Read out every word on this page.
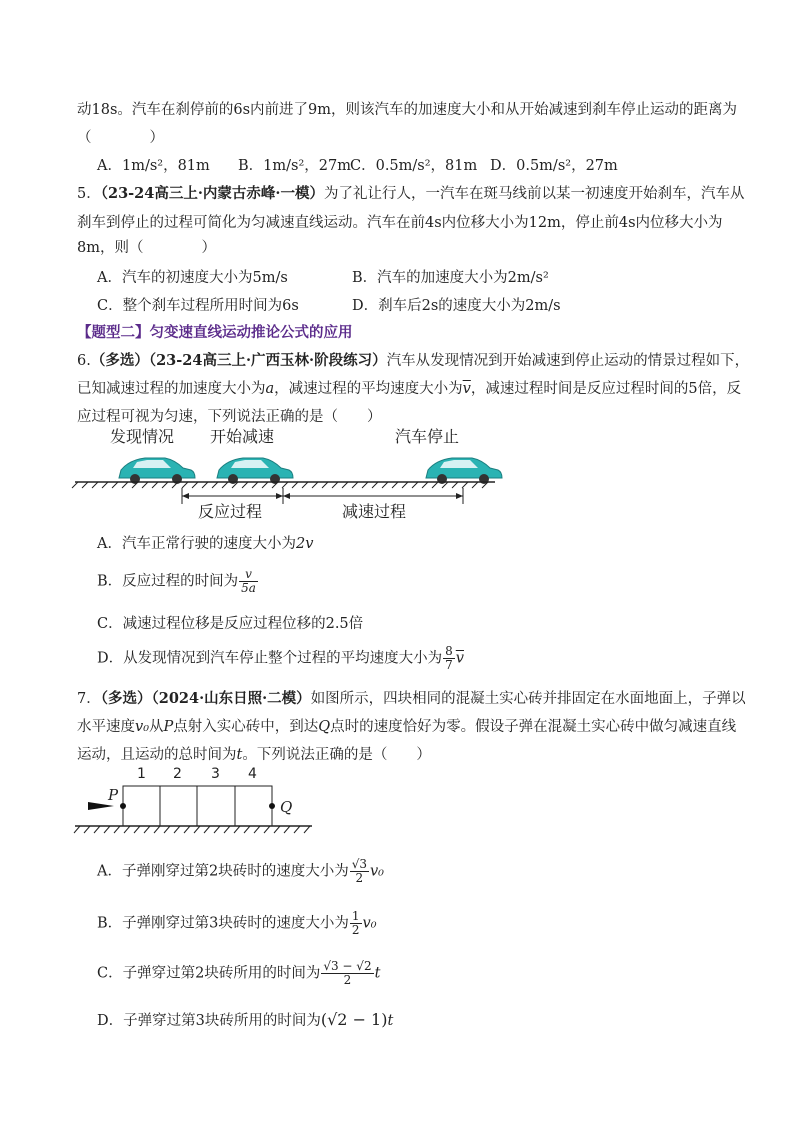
动18s。汽车在刹停前的6s内前进了9m，则该汽车的加速度大小和从开始减速到刹车停止运动的距离为
（　　　　）
A．1m/s²，81m B．1m/s²，27m C．0.5m/s²，81m D．0.5m/s²，27m
5．（23-24高三上·内蒙古赤峰·一模）为了礼让行人，一汽车在斑马线前以某一初速度开始刹车，汽车从
刹车到停止的过程可简化为匀减速直线运动。汽车在前4s内位移大小为12m，停止前4s内位移大小为
8m，则（　　　　）
A．汽车的初速度大小为5m/s	B．汽车的加速度大小为2m/s²
C．整个刹车过程所用时间为6s	D．刹车后2s的速度大小为2m/s
【题型二】匀变速直线运动推论公式的应用
6.（多选）（23-24高三上·广西玉林·阶段练习）汽车从发现情况到开始减速到停止运动的情景过程如下，
已知减速过程的加速度大小为a，减速过程的平均速度大小为$\overline{v}$，减速过程时间是反应过程时间的5倍，反
应过程可视为匀速，下列说法正确的是（　　）
发现情况 开始减速	汽车停止
反应过程	减速过程
A．汽车正常行驶的速度大小为2v
B．反应过程的时间为 $\frac{v}{5a}$
C．减速过程位移是反应过程位移的2.5倍
D．从发现情况到汽车停止整个过程的平均速度大小为 $\frac{8}{7} \overline{v}$
7．（多选）（2024·山东日照·二模）如图所示，四块相同的混凝土实心砖并排固定在水面地面上，子弹以
水平速度v₀从P点射入实心砖中，到达Q点时的速度恰好为零。假设子弹在混凝土实心砖中做匀减速直线
运动，且运动的总时间为t。下列说法正确的是（　　）
1 2 3 4
P
Q
A．子弹刚穿过第2块砖时的速度大小为 $\frac{√3}{2} v_0$
B．子弹刚穿过第3块砖时的速度大小为 $\frac{1}{2} v_0$
C．子弹穿过第2块砖所用的时间为 $\frac{√3 - √2}{2}$ t
D．子弹穿过第3块砖所用的时间为(√2 − 1)t
